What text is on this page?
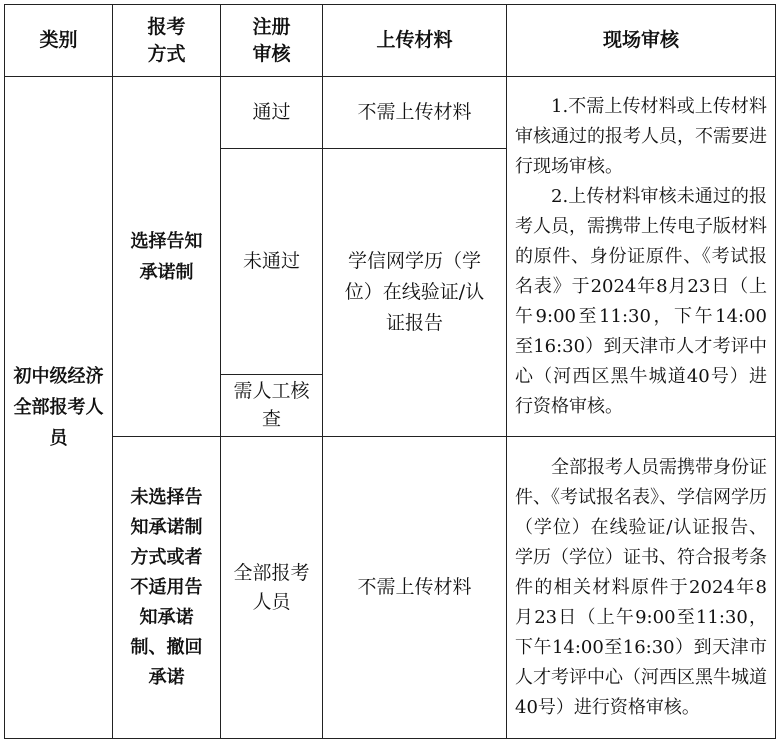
类别	报考方式	注册审核	上传材料	现场审核
初中级经济全部报考人员	选择告知承诺制	通过	不需上传材料	1.不需上传材料或上传材料审核通过的报考人员，不需要进行现场审核。

2.上传材料审核未通过的报考人员，需携带上传电子版材料的原件、身份证原件、《考试报名表》于2024年8月23日（上午9:00至11:30，下午14:00至16:30）到天津市人才考评中心（河西区黑牛城道40号）进行资格审核。

		未通过	学信网学历（学位）在线验证/认证报告	
		需人工核查		
	未选择告知承诺制方式或者不适用告知承诺制、撤回承诺	全部报考人员	不需上传材料	全部报考人员需携带身份证件、《考试报名表》、学信网学历（学位）在线验证/认证报告、学历（学位）证书、符合报考条件的相关材料原件于2024年8月23日（上午9:00至11:30，下午14:00至16:30）到天津市人才考评中心（河西区黑牛城道40号）进行资格审核。
